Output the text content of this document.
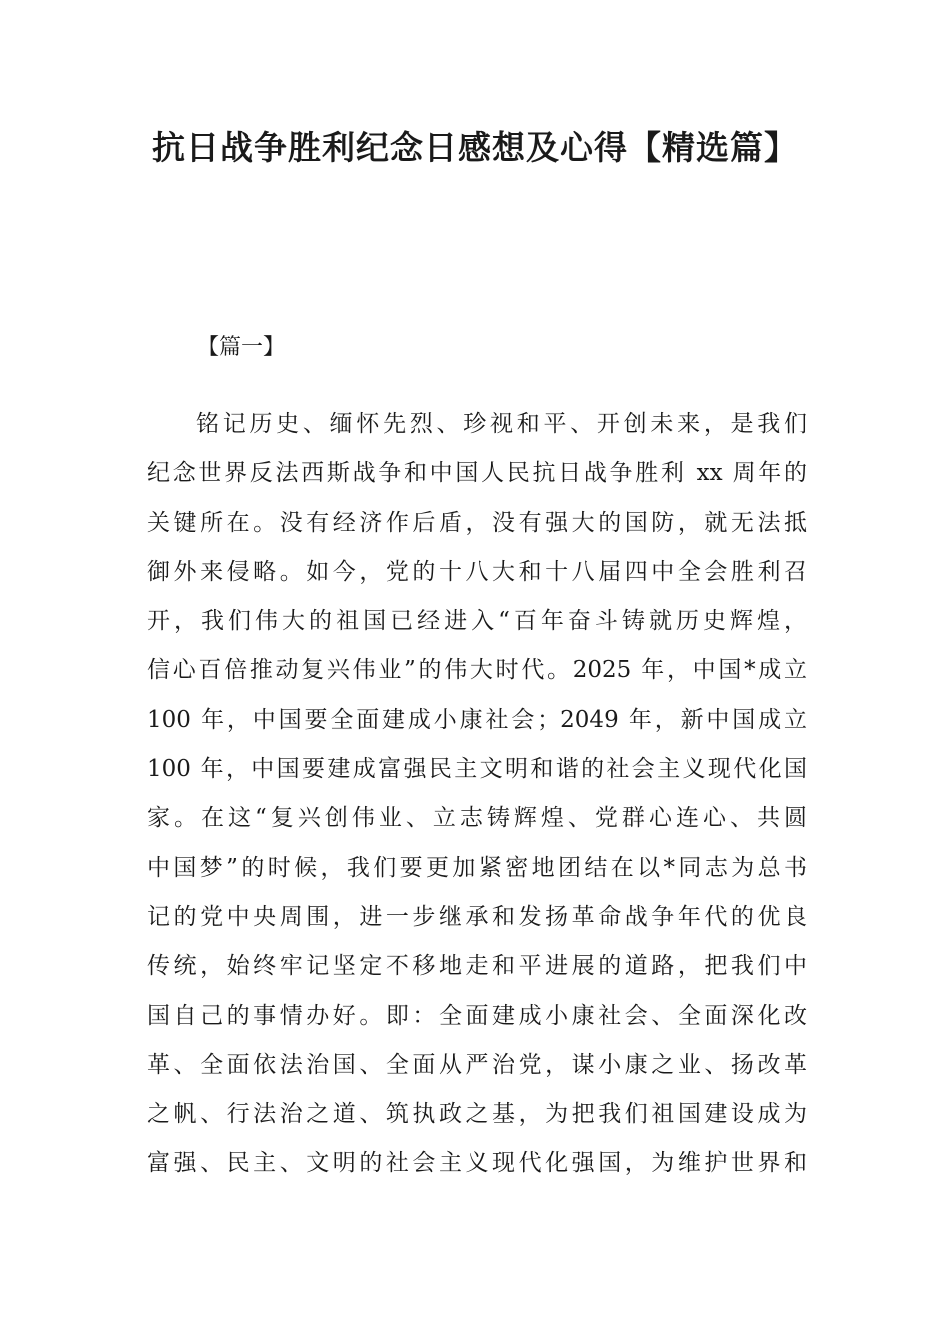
抗日战争胜利纪念日感想及心得【精选篇】
【篇一】
铭记历史、缅怀先烈、珍视和平、开创未来，是我们
纪念世界反法西斯战争和中国人民抗日战争胜利 xx 周年的
关键所在。没有经济作后盾，没有强大的国防，就无法抵
御外来侵略。如今，党的十八大和十八届四中全会胜利召
开，我们伟大的祖国已经进入“百年奋斗铸就历史辉煌，
信心百倍推动复兴伟业”的伟大时代。2025 年，中国*成立
100 年，中国要全面建成小康社会；2049 年，新中国成立
100 年，中国要建成富强民主文明和谐的社会主义现代化国
家。在这“复兴创伟业、立志铸辉煌、党群心连心、共圆
中国梦”的时候，我们要更加紧密地团结在以*同志为总书
记的党中央周围，进一步继承和发扬革命战争年代的优良
传统，始终牢记坚定不移地走和平进展的道路，把我们中
国自己的事情办好。即：全面建成小康社会、全面深化改
革、全面依法治国、全面从严治党，谋小康之业、扬改革
之帆、行法治之道、筑执政之基，为把我们祖国建设成为
富强、民主、文明的社会主义现代化强国，为维护世界和
